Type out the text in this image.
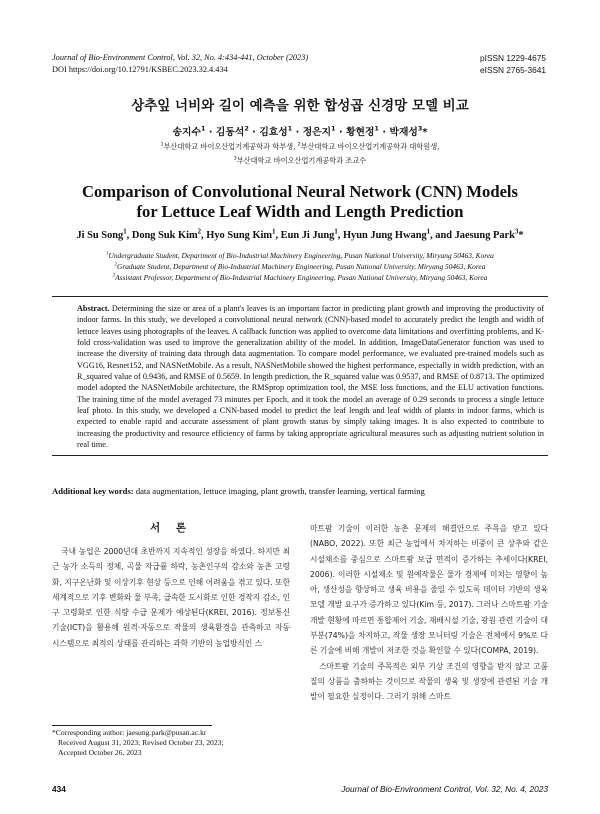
Journal of Bio-Environment Control, Vol. 32, No. 4:434-441, October (2023)
DOI https://doi.org/10.12791/KSBEC.2023.32.4.434
pISSN 1229-4675
eISSN 2765-3641
상추잎 너비와 길이 예측을 위한 합성곱 신경망 모델 비교
송지수$^1$ · 김동석$^2$ · 김효성$^1$ · 정은지$^1$ · 황현정$^1$ · 박재성$^3$*
$^1$부산대학교 바이오산업기계공학과 학부생, $^2$부산대학교 바이오산업기계공학과 대학원생,
$^3$부산대학교 바이오산업기계공학과 조교수
Comparison of Convolutional Neural Network (CNN) Models
for Lettuce Leaf Width and Length Prediction
Ji Su Song$^1$, Dong Suk Kim$^2$, Hyo Sung Kim$^1$, Eun Ji Jung$^1$, Hyun Jung Hwang$^1$, and Jaesung Park$^3$*
$^1$Undergraduate Student, Department of Bio-Industrial Machinery Engineering, Pusan National University, Miryang 50463, Korea
$^2$Graduate Student, Department of Bio-Industrial Machinery Engineering, Pusan National University, Miryang 50463, Korea
$^3$Assistant Professor, Department of Bio-Industrial Machinery Engineering, Pusan National University, Miryang 50463, Korea
Abstract. Determining the size or area of a plant's leaves is an important factor in predicting plant growth and improving the productivity of indoor farms. In this study, we developed a convolutional neural network (CNN)-based model to accurately predict the length and width of lettuce leaves using photographs of the leaves. A callback function was applied to overcome data limitations and overfitting problems, and K-fold cross-validation was used to improve the generalization ability of the model. In addition, ImageDataGenerator function was used to increase the diversity of training data through data augmentation. To compare model performance, we evaluated pre-trained models such as VGG16, Resnet152, and NASNetMobile. As a result, NASNetMobile showed the highest performance, especially in width prediction, with an R_squared value of 0.9436, and RMSE of 0.5659. In length prediction, the R_squared value was 0.9537, and RMSE of 0.8713. The optimized model adopted the NASNetMobile architecture, the RMSprop optimization tool, the MSE loss functions, and the ELU activation functions. The training time of the model averaged 73 minutes per Epoch, and it took the model an average of 0.29 seconds to process a single lettuce leaf photo. In this study, we developed a CNN-based model to predict the leaf length and leaf width of plants in indoor farms, which is expected to enable rapid and accurate assessment of plant growth status by simply taking images. It is also expected to contribute to increasing the productivity and resource efficiency of farms by taking appropriate agricultural measures such as adjusting nutrient solution in real time.
Additional key words: data augmentation, lettuce imaging, plant growth, transfer learning, vertical farming
서 론

국내 농업은 2000년대 초반까지 지속적인 성장을 하였다. 하지만 최근 농가 소득의 정체, 곡물 자급률 하락, 농촌인구의 감소와 농촌 고령화, 지구온난화 및 이상기후 현상 등으로 인해 어려움을 겪고 있다. 또한 세계적으로 기후 변화와 물 부족, 급속한 도시화로 인한 경작지 감소, 인구 고령화로 인한 식량 수급 문제가 예상된다(KREI, 2016). 정보통신기술(ICT)을 활용해 원격·자동으로 작물의 생육환경을 관측하고 자동 시스템으로 최적의 상태를 관리하는 과학 기반의 농업방식인 스

마트팜 기술이 이러한 농촌 문제의 해결안으로 주목을 받고 있다(NABO, 2022). 또한 최근 농업에서 차지하는 비중이 큰 상추와 같은 시설채소를 중심으로 스마트팜 보급 면적이 증가하는 추세이다(KREI, 2006). 이러한 시설채소 및 원예작물은 물가 경제에 미치는 영향이 높아, 생산성을 향상하고 생육 비용을 줄일 수 있도록 데이터 기반의 생육 모델 개발 요구가 증가하고 있다(Kim 등, 2017). 그러나 스마트팜 기술 개발 현황에 따르면 통합제어 기술, 재배시설 기술, 광원 관련 기술이 대부분(74%)을 차지하고, 작물 생장 모니터링 기술은 전체에서 9%로 다른 기술에 비해 개발이 저조한 것을 확인할 수 있다(COMPA, 2019).

스마트팜 기술의 주목적은 외부 기상 조건의 영향을 받지 않고 고품질의 상품을 출하하는 것이므로 작물의 생육 및 생장에 관련된 기술 개발이 필요한 실정이다. 그러기 위해 스마트

*Corresponding author: jaesung.park@pusan.ac.kr
Received August 31, 2023; Revised October 23, 2023;
Accepted October 26, 2023
434	Journal of Bio-Environment Control, Vol. 32, No. 4, 2023
